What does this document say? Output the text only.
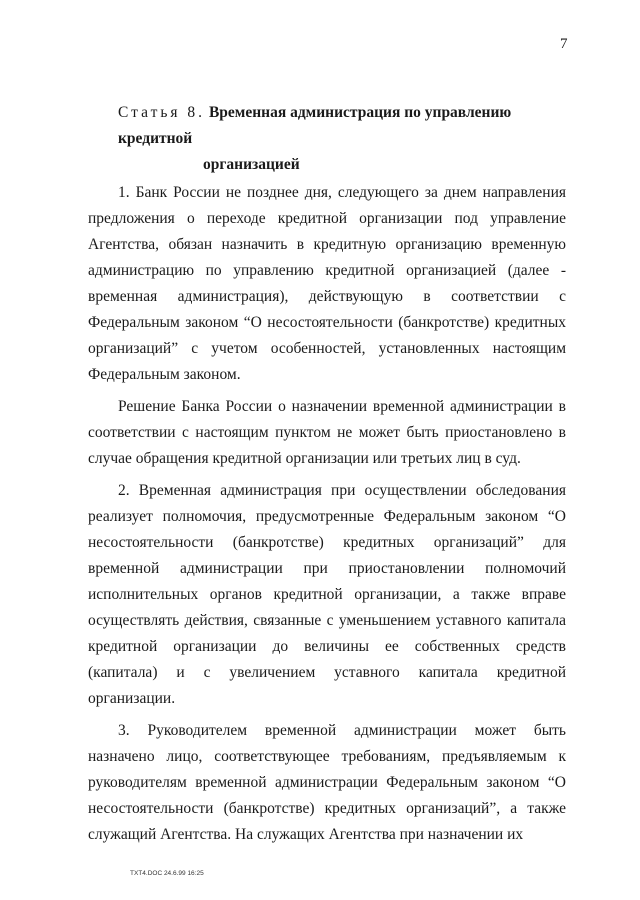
7
Статья 8. Временная администрация по управлению кредитной
организацией

1. Банк России не позднее дня, следующего за днем направления предложения о переходе кредитной организации под управление Агентства, обязан назначить в кредитную организацию временную администрацию по управлению кредитной организацией (далее - временная администрация), действующую в соответствии с Федеральным законом “О несостоятельности (банкротстве) кредитных организаций” с учетом особенностей, установленных настоящим Федеральным законом.

Решение Банка России о назначении временной администрации в соответствии с настоящим пунктом не может быть приостановлено в случае обращения кредитной организации или третьих лиц в суд.

2. Временная администрация при осуществлении обследования реализует полномочия, предусмотренные Федеральным законом “О несостоятельности (банкротстве) кредитных организаций” для временной администрации при приостановлении полномочий исполнительных органов кредитной организации, а также вправе осуществлять действия, связанные с уменьшением уставного капитала кредитной организации до величины ее собственных средств (капитала) и с увеличением уставного капитала кредитной организации.

3. Руководителем временной администрации может быть назначено лицо, соответствующее требованиям, предъявляемым к руководителям временной администрации Федеральным законом “О несостоятельности (банкротстве) кредитных организаций”, а также служащий Агентства. На служащих Агентства при назначении их

TXT4.DOC 24.6.99 16:25
